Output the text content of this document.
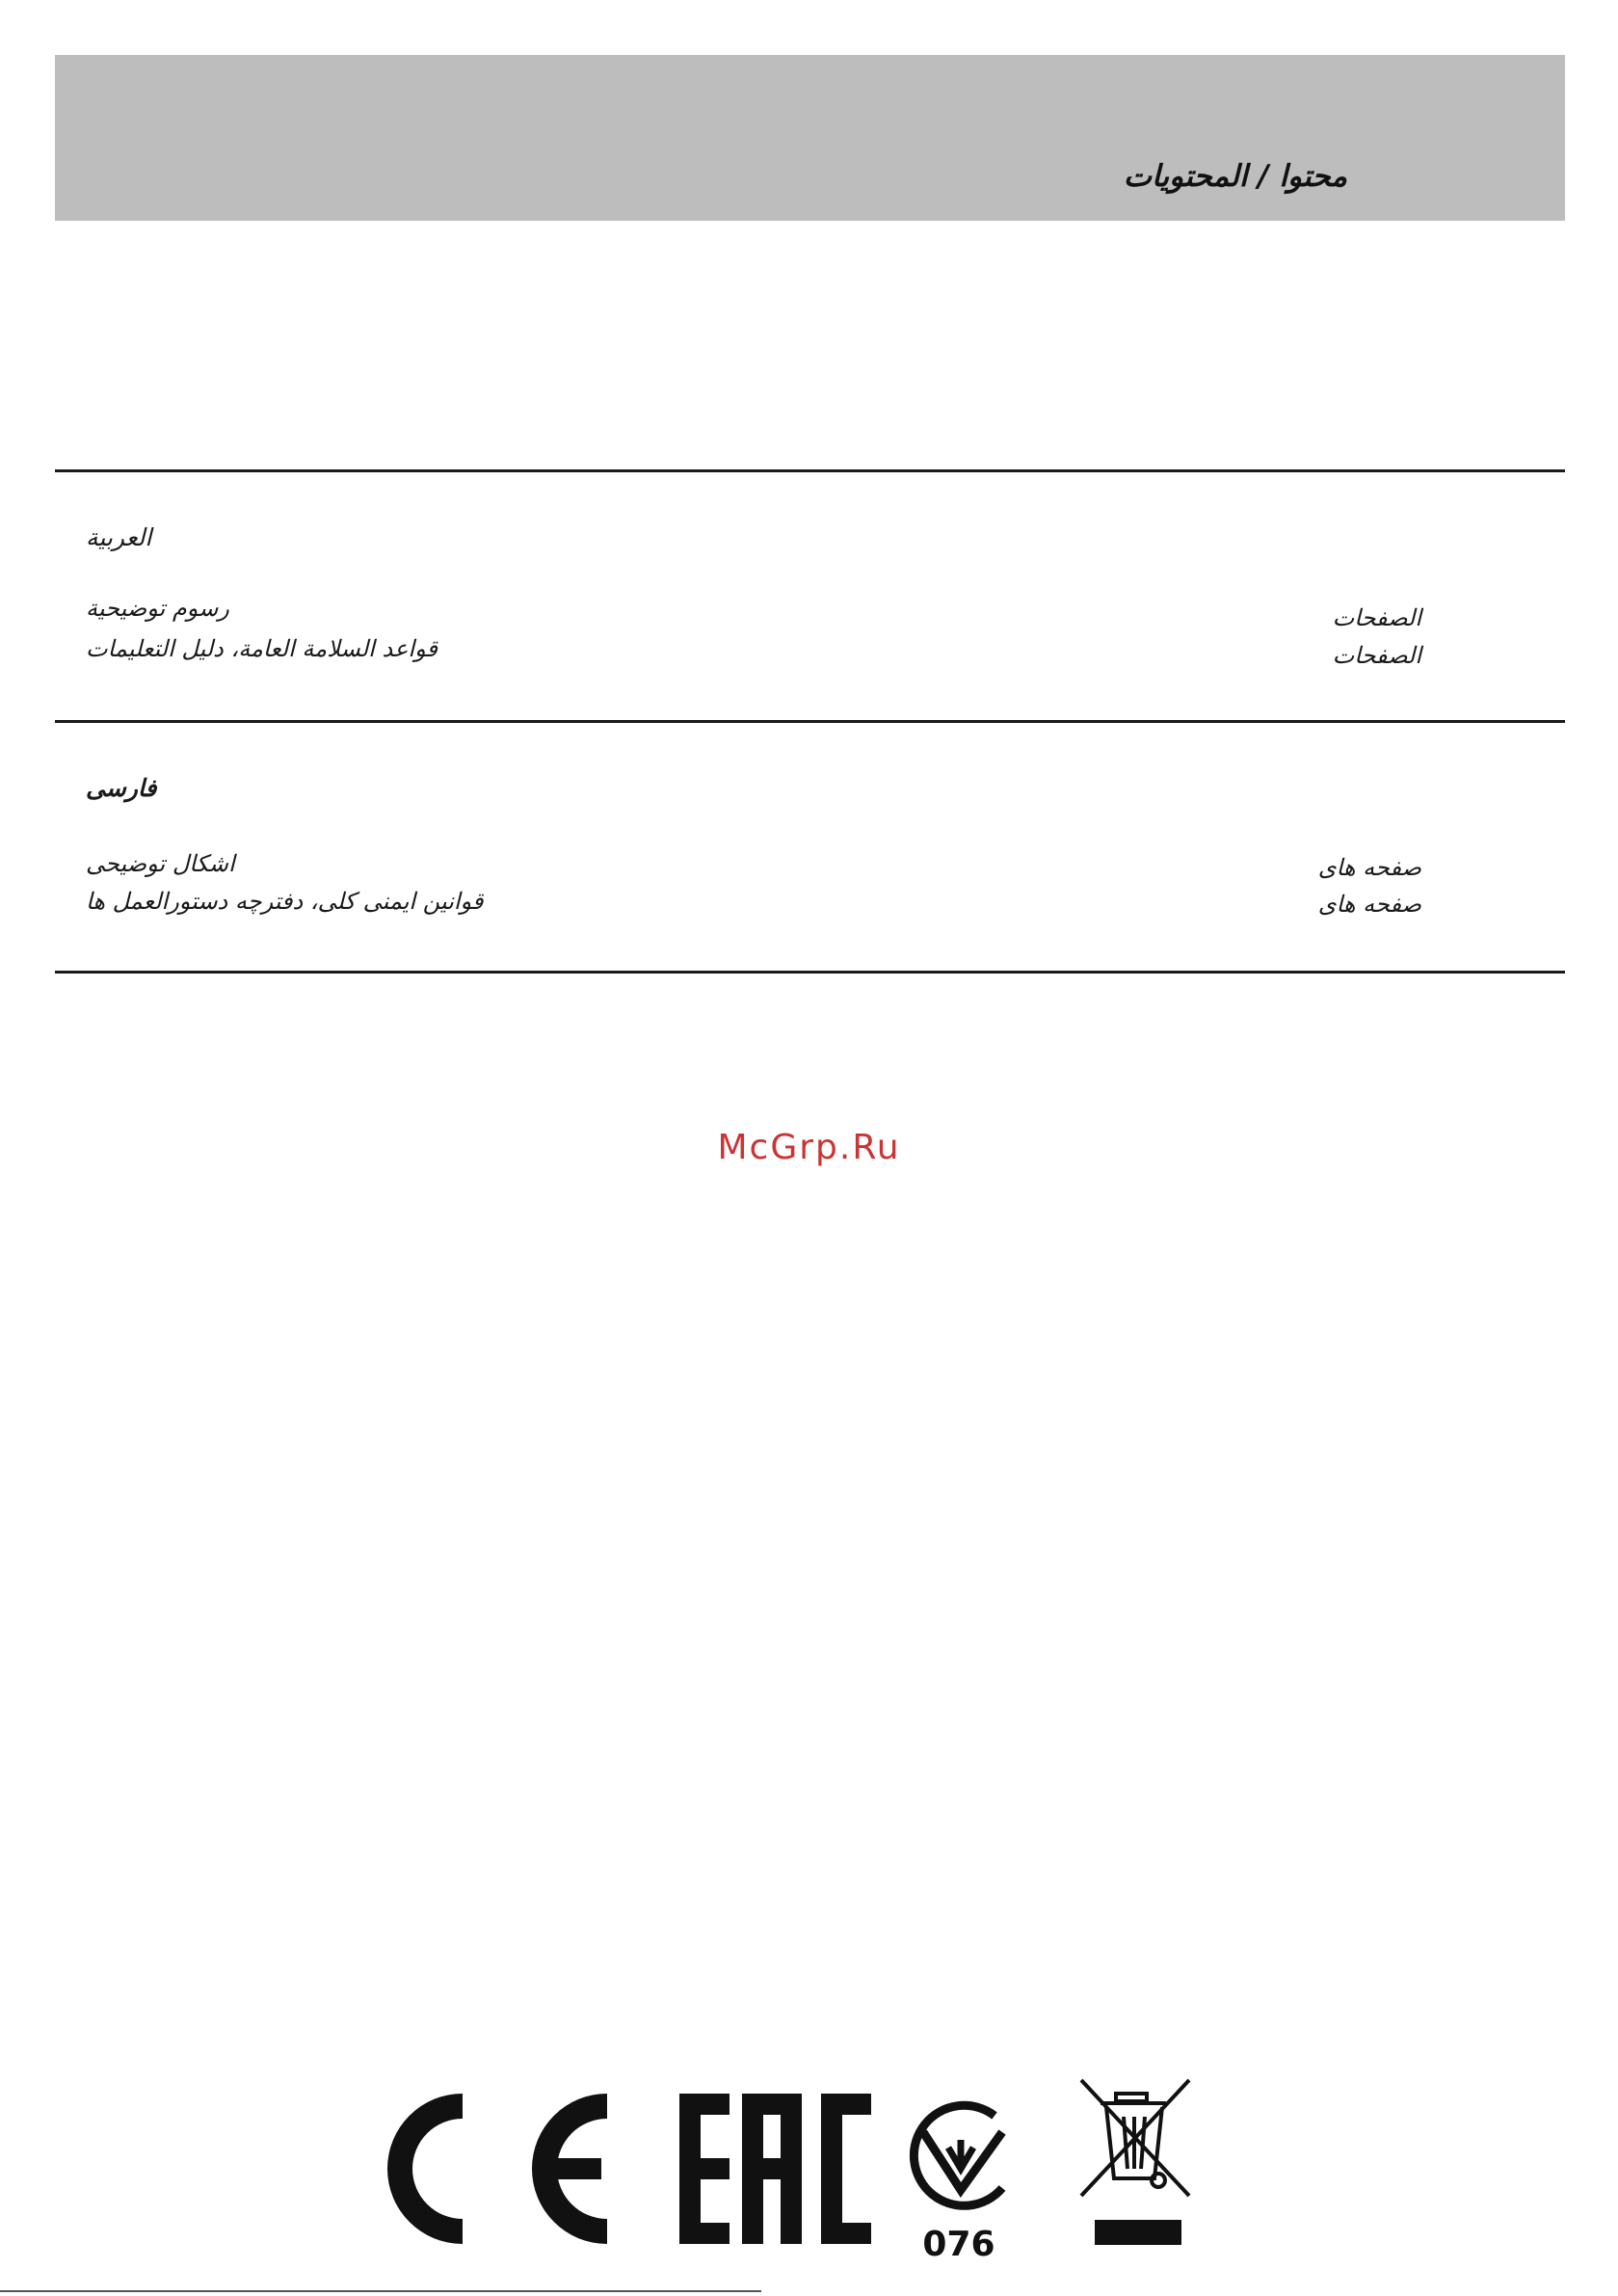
محتوا / المحتويات
العربية
رسوم توضيحية
قواعد السلامة العامة، دليل التعليمات
الصفحات
الصفحات
فارسی
اشکال توضیحی
قوانین ایمنی کلی، دفترچه دستورالعمل ها
صفحه های
صفحه های
McGrp.Ru
076
